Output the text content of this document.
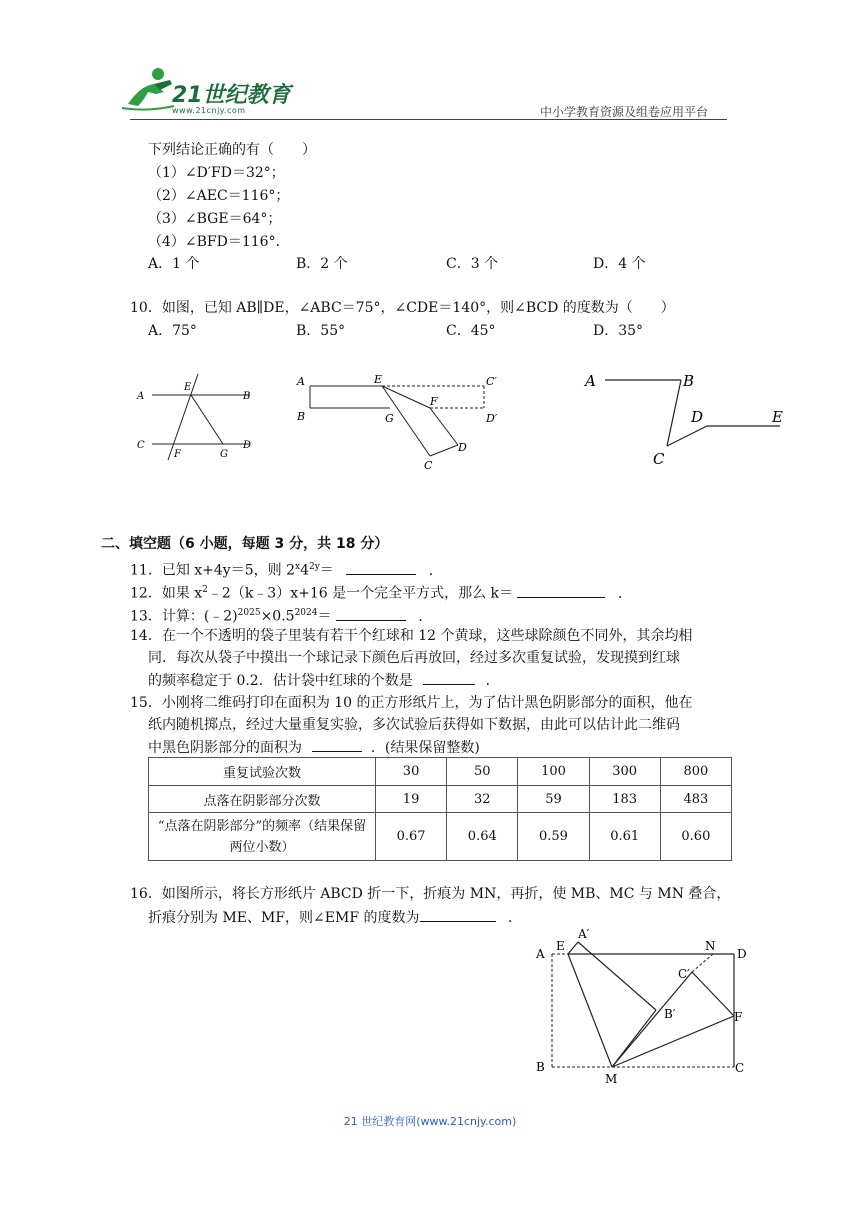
21世纪教育
www.21cnjy.com	中小学教育资源及组卷应用平台
下列结论正确的有（　　）
（1）∠D′FD＝32°；
（2）∠AEC＝116°；
（3）∠BGE＝64°；
（4）∠BFD＝116°．
A．1 个	B．2 个	C．3 个	D．4 个
10．如图，已知 AB∥DE，∠ABC＝75°，∠CDE＝140°，则∠BCD 的度数为（　　）
A．75°	B．55°	C．45°	D．35°
A
E
B
C
F	G
D
A	E	C′
B	G
F
D′
D
C
A	B
D	E
C
二、填空题（6 小题，每题 3 分，共 18 分）
11．已知 x+4y＝5，则 $2^x4^{2y}=$	．
12．如果 $x^2﹣2(k﹣3)x+16$ 是一个完全平方式，那么 k＝	．
13．计算：$(﹣2)^{2025}\times 0.5^{2024}=$	．
14．在一个不透明的袋子里装有若干个红球和 12 个黄球，这些球除颜色不同外，其余均相
同．每次从袋子中摸出一个球记录下颜色后再放回，经过多次重复试验，发现摸到红球
的频率稳定于 0.2．估计袋中红球的个数是	．
15．小刚将二维码打印在面积为 10 的正方形纸片上，为了估计黑色阴影部分的面积，他在
纸内随机掷点，经过大量重复实验，多次试验后获得如下数据，由此可以估计此二维码
中黑色阴影部分的面积为	．(结果保留整数)
重复试验次数	30	50	100	300	800
点落在阴影部分次数	19	32	59	183	483
“点落在阴影部分”的频率（结果保留两位小数）	0.67	0.64	0.59	0.61	0.60
16．如图所示，将长方形纸片 ABCD 折一下，折痕为 MN，再折，使 MB、MC 与 MN 叠合，
折痕分别为 ME、MF，则∠EMF 的度数为	．
A
E
A′
N
D
C′
B′	F
B
M
C
21 世纪教育网(www.21cnjy.com)
